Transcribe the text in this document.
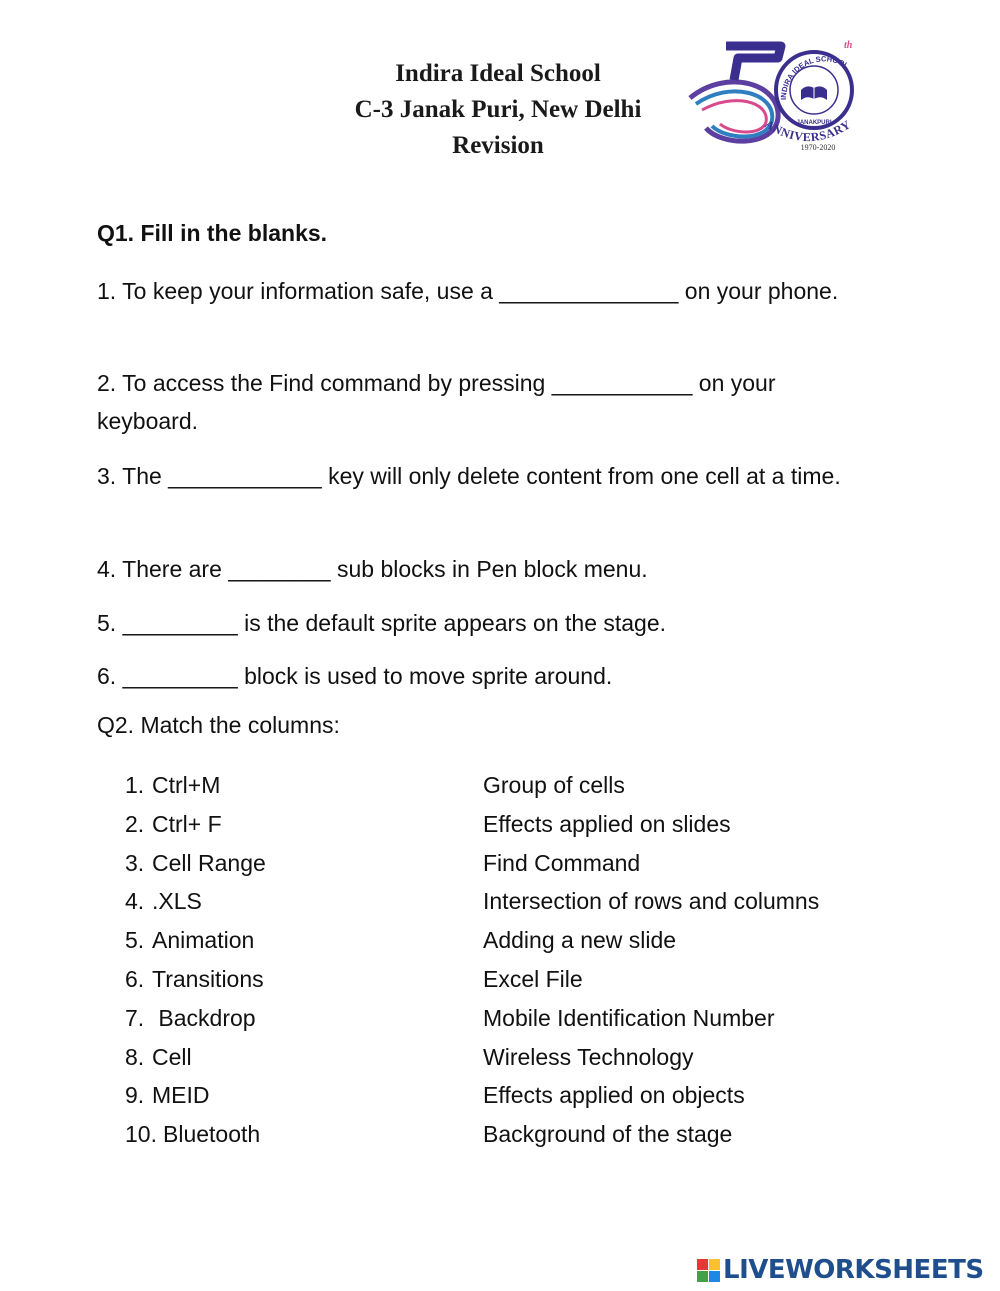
Indira Ideal School
C-3 Janak Puri, New Delhi
Revision
INDIRA IDEAL SCHOOL
JANAKPURI
50
th
ANNIVERSARY
1970-2020
Q1. Fill in the blanks.
1. To keep your information safe, use a ______________ on your phone.
2. To access the Find command by pressing ___________ on your keyboard.
3. The ____________ key will only delete content from one cell at a time.
4. There are ________ sub blocks in Pen block menu.
5. _________ is the default sprite appears on the stage.
6. _________ block is used to move sprite around.
Q2. Match the columns:
1. Ctrl+M	Group of cells
2. Ctrl+ F	Effects applied on slides
3. Cell Range	Find Command
4. .XLS	Intersection of rows and columns
5. Animation	Adding a new slide
6. Transitions	Excel File
7. Backdrop	Mobile Identification Number
8. Cell	Wireless Technology
9. MEID	Effects applied on objects
10. Bluetooth	Background of the stage
LIVEWORKSHEETS
